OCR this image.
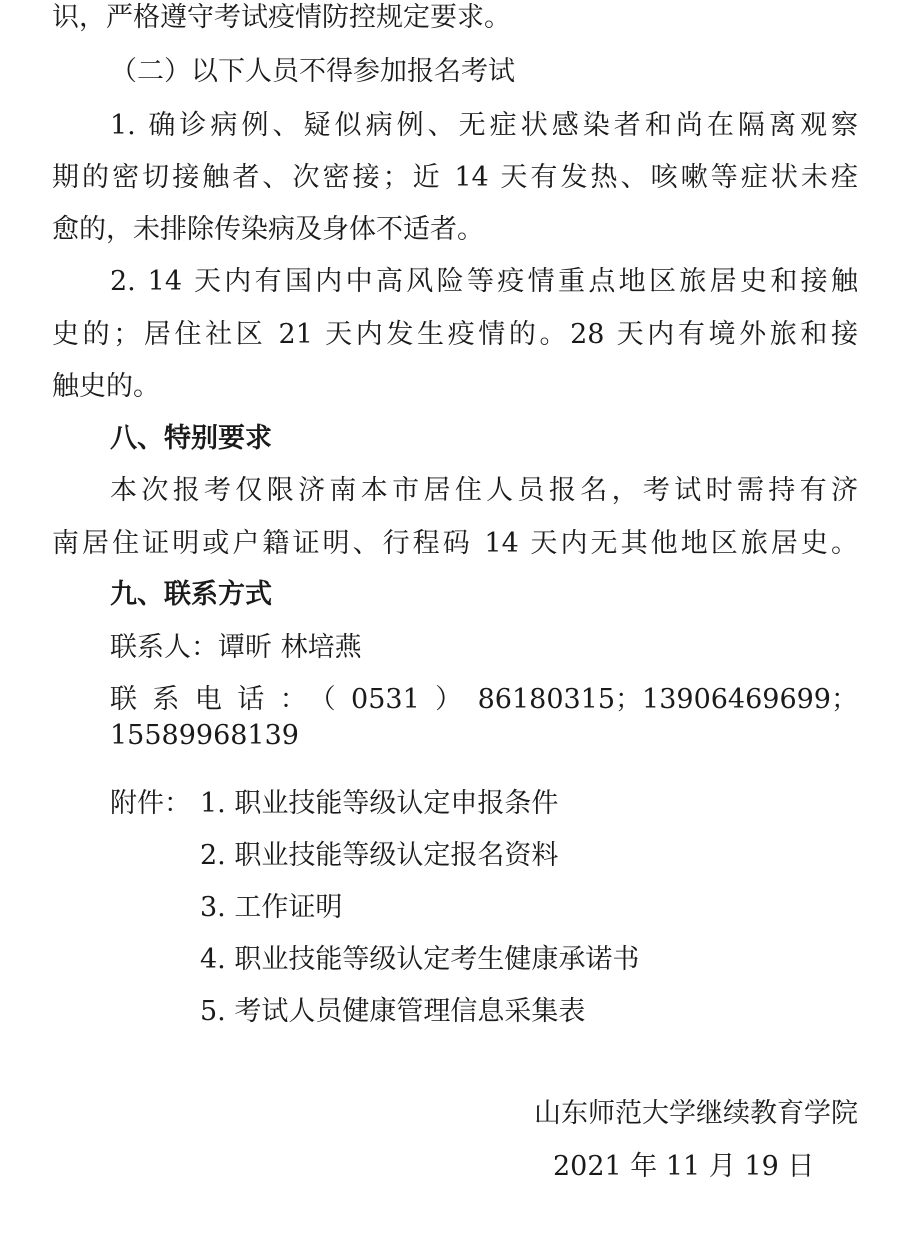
识，严格遵守考试疫情防控规定要求。
（二）以下人员不得参加报名考试
1. 确诊病例、疑似病例、无症状感染者和尚在隔离观察
期的密切接触者、次密接；近 14 天有发热、咳嗽等症状未痊
愈的，未排除传染病及身体不适者。
2. 14 天内有国内中高风险等疫情重点地区旅居史和接触
史的；居住社区 21 天内发生疫情的。28 天内有境外旅和接
触史的。
八、特别要求
本次报考仅限济南本市居住人员报名，考试时需持有济
南居住证明或户籍证明、行程码 14 天内无其他地区旅居史。
九、联系方式
联系人：谭昕 林培燕
联系电话：（0531）86180315；13906469699；15589968139
附件： 1. 职业技能等级认定申报条件
2. 职业技能等级认定报名资料
3. 工作证明
4. 职业技能等级认定考生健康承诺书
5. 考试人员健康管理信息采集表
山东师范大学继续教育学院
2021 年 11 月 19 日
